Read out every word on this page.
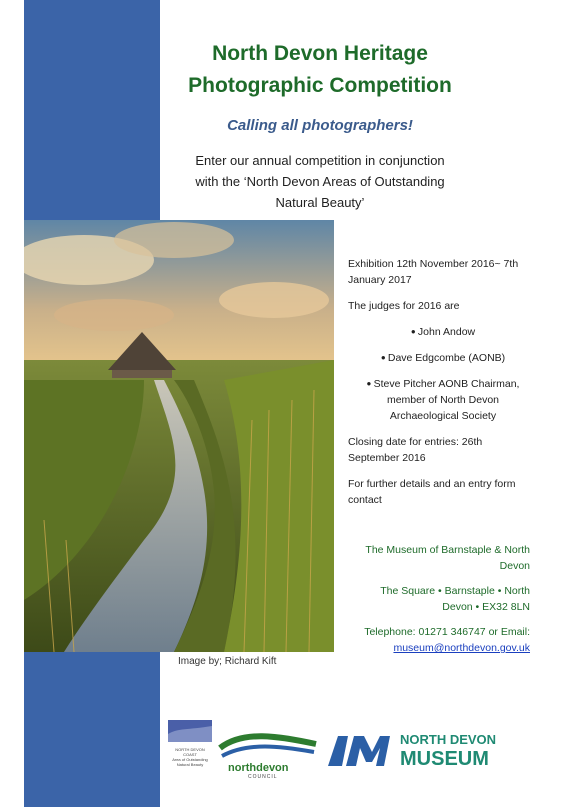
North Devon Heritage
Photographic Competition
Calling all photographers!
Enter our annual competition in conjunction
with the ‘North Devon Areas of Outstanding
Natural Beauty’
Image by; Richard Kift

Exhibition 12th November 2016~ 7th
January 2017

The judges for 2016 are

● John Andow

● Dave Edgcombe (AONB)

● Steve Pitcher AONB Chairman,
member of North Devon
Archaeological Society

Closing date for entries: 26th
September 2016

For further details and an entry form
contact

The Museum of Barnstaple & North
Devon

The Square • Barnstaple • North
Devon • EX32 8LN

Telephone: 01271 346747 or Email:
museum@northdevon.gov.uk

NORTH DEVON
COAST
Area of Outstanding
Natural Beauty	northdevon
COUNCIL
NORTH DEVON
MUSEUM
